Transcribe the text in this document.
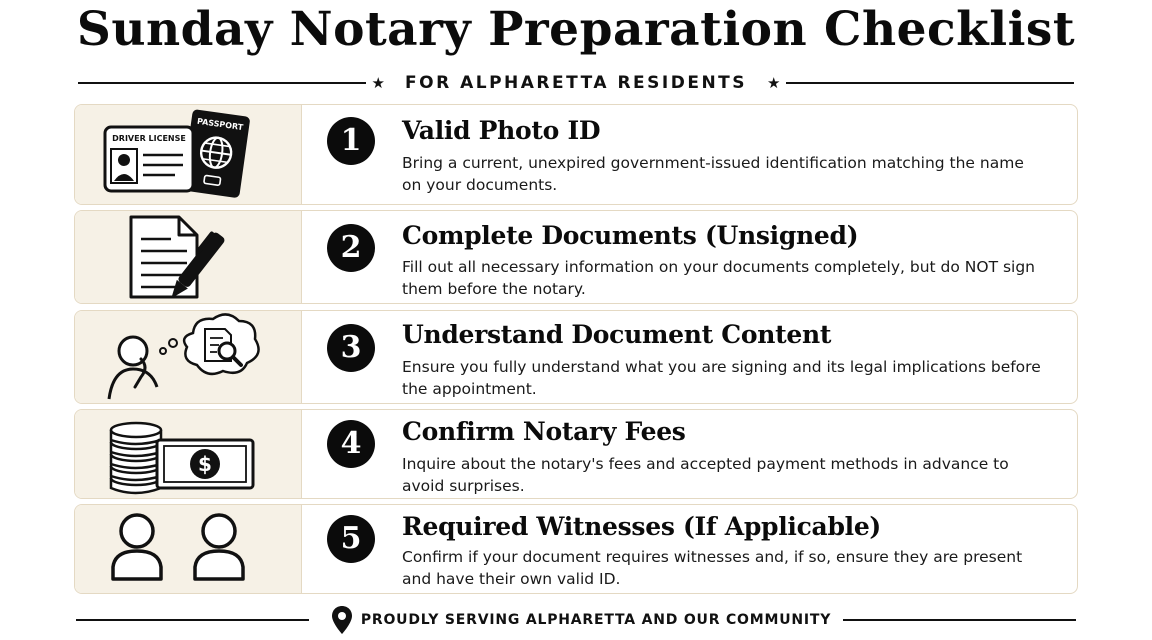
Sunday Notary Preparation Checklist
★	FOR ALPHARETTA RESIDENTS	★
PASSPORT
DRIVER LICENSE	1	Valid Photo ID
Bring a current, unexpired government-issued identification matching the name on your documents.
2	Complete Documents (Unsigned)
Fill out all necessary information on your documents completely, but do NOT sign them before the notary.
3	Understand Document Content
Ensure you fully understand what you are signing and its legal implications before the appointment.
$
4	Confirm Notary Fees
Inquire about the notary's fees and accepted payment methods in advance to avoid surprises.
5	Required Witnesses (If Applicable)
Confirm if your document requires witnesses and, if so, ensure they are present and have their own valid ID.
PROUDLY SERVING ALPHARETTA AND OUR COMMUNITY
